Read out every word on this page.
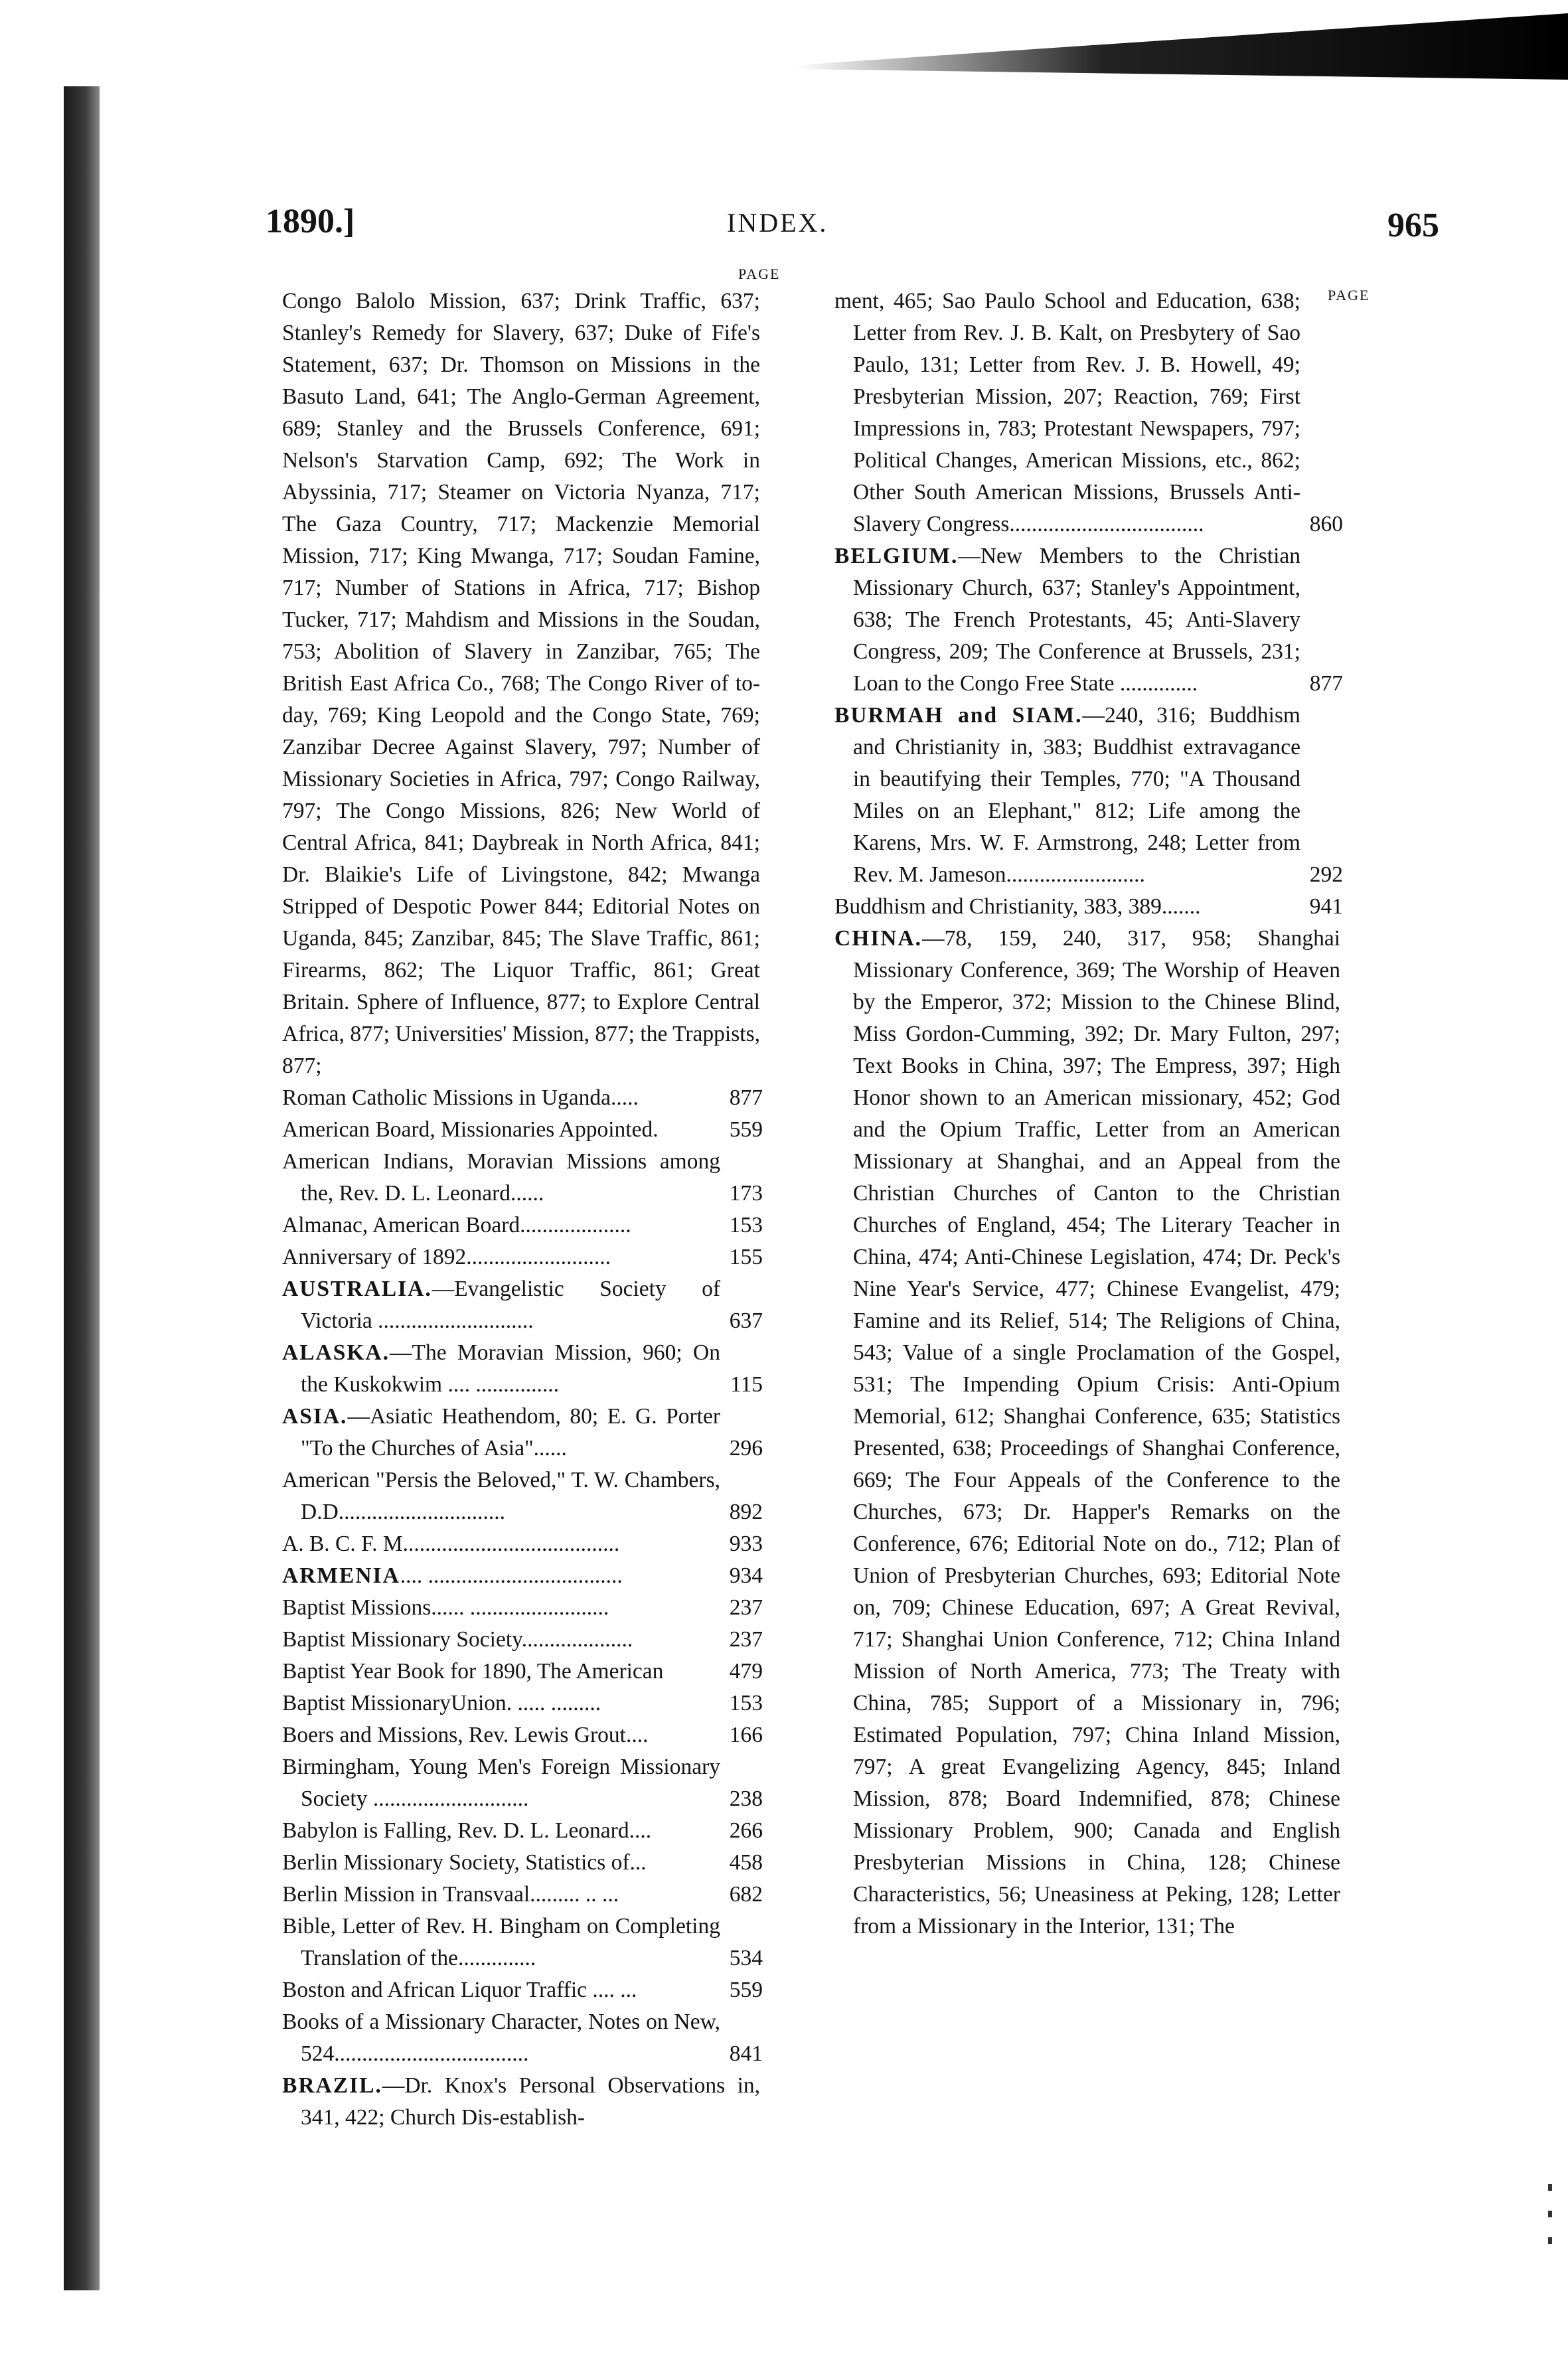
1890.]	INDEX.	965
PAGE
PAGE
Congo Balolo Mission, 637; Drink Traffic, 637; Stanley's Remedy for Slavery, 637; Duke of Fife's Statement, 637; Dr. Thomson on Missions in the Basuto Land, 641; The Anglo-German Agreement, 689; Stanley and the Brussels Conference, 691; Nelson's Starvation Camp, 692; The Work in Abyssinia, 717; Steamer on Victoria Nyanza, 717; The Gaza Country, 717; Mackenzie Memorial Mission, 717; King Mwanga, 717; Soudan Famine, 717; Number of Stations in Africa, 717; Bishop Tucker, 717; Mahdism and Missions in the Soudan, 753; Abolition of Slavery in Zanzibar, 765; The British East Africa Co., 768; The Congo River of to-day, 769; King Leopold and the Congo State, 769; Zanzibar Decree Against Slavery, 797; Number of Missionary Societies in Africa, 797; Congo Railway, 797; The Congo Missions, 826; New World of Central Africa, 841; Daybreak in North Africa, 841; Dr. Blaikie's Life of Livingstone, 842; Mwanga Stripped of Despotic Power 844; Editorial Notes on Uganda, 845; Zanzibar, 845; The Slave Traffic, 861; Firearms, 862; The Liquor Traffic, 861; Great Britain. Sphere of Influence, 877; to Explore Central Africa, 877; Universities' Mission, 877; the Trappists, 877;
Roman Catholic Missions in Uganda.....	877
American Board, Missionaries Appointed.	559
American Indians, Moravian Missions among the, Rev. D. L. Leonard......	173
Almanac, American Board....................	153
Anniversary of 1892..........................	155
AUSTRALIA.—Evangelistic Society of Victoria ............................	637
ALASKA.—The Moravian Mission, 960; On the Kuskokwim .... ...............	115
ASIA.—Asiatic Heathendom, 80; E. G. Porter "To the Churches of Asia"......	296
American "Persis the Beloved," T. W. Chambers, D.D..............................	892
A. B. C. F. M.......................................	933
ARMENIA.... ...................................	934
Baptist Missions...... .........................	237
Baptist Missionary Society....................	237
Baptist Year Book for 1890, The American	479
Baptist MissionaryUnion. ..... .........	153
Boers and Missions, Rev. Lewis Grout....	166
Birmingham, Young Men's Foreign Missionary Society ............................	238
Babylon is Falling, Rev. D. L. Leonard....	266
Berlin Missionary Society, Statistics of...	458
Berlin Mission in Transvaal......... .. ...	682
Bible, Letter of Rev. H. Bingham on Completing Translation of the..............	534
Boston and African Liquor Traffic .... ...	559
Books of a Missionary Character, Notes on New, 524...................................	841
BRAZIL.—Dr. Knox's Personal Observations in, 341, 422; Church Dis-establish-
ment, 465; Sao Paulo School and Education, 638; Letter from Rev. J. B. Kalt, on Presbytery of Sao Paulo, 131; Letter from Rev. J. B. Howell, 49; Presbyterian Mission, 207; Reaction, 769; First Impressions in, 783; Protestant Newspapers, 797; Political Changes, American Missions, etc., 862; Other South American Missions, Brussels Anti-Slavery Congress...................................	860
BELGIUM.—New Members to the Christian Missionary Church, 637; Stanley's Appointment, 638; The French Protestants, 45; Anti-Slavery Congress, 209; The Conference at Brussels, 231; Loan to the Congo Free State ..............	877
BURMAH and SIAM.—240, 316; Buddhism and Christianity in, 383; Buddhist extravagance in beautifying their Temples, 770; "A Thousand Miles on an Elephant," 812; Life among the Karens, Mrs. W. F. Armstrong, 248; Letter from Rev. M. Jameson.........................	292
Buddhism and Christianity, 383, 389.......	941
CHINA.—78, 159, 240, 317, 958; Shanghai Missionary Conference, 369; The Worship of Heaven by the Emperor, 372; Mission to the Chinese Blind, Miss Gordon-Cumming, 392; Dr. Mary Fulton, 297; Text Books in China, 397; The Empress, 397; High Honor shown to an American missionary, 452; God and the Opium Traffic, Letter from an American Missionary at Shanghai, and an Appeal from the Christian Churches of Canton to the Christian Churches of England, 454; The Literary Teacher in China, 474; Anti-Chinese Legislation, 474; Dr. Peck's Nine Year's Service, 477; Chinese Evangelist, 479; Famine and its Relief, 514; The Religions of China, 543; Value of a single Proclamation of the Gospel, 531; The Impending Opium Crisis: Anti-Opium Memorial, 612; Shanghai Conference, 635; Statistics Presented, 638; Proceedings of Shanghai Conference, 669; The Four Appeals of the Conference to the Churches, 673; Dr. Happer's Remarks on the Conference, 676; Editorial Note on do., 712; Plan of Union of Presbyterian Churches, 693; Editorial Note on, 709; Chinese Education, 697; A Great Revival, 717; Shanghai Union Conference, 712; China Inland Mission of North America, 773; The Treaty with China, 785; Support of a Missionary in, 796; Estimated Population, 797; China Inland Mission, 797; A great Evangelizing Agency, 845; Inland Mission, 878; Board Indemnified, 878; Chinese Missionary Problem, 900; Canada and English Presbyterian Missions in China, 128; Chinese Characteristics, 56; Uneasiness at Peking, 128; Letter from a Missionary in the Interior, 131; The
